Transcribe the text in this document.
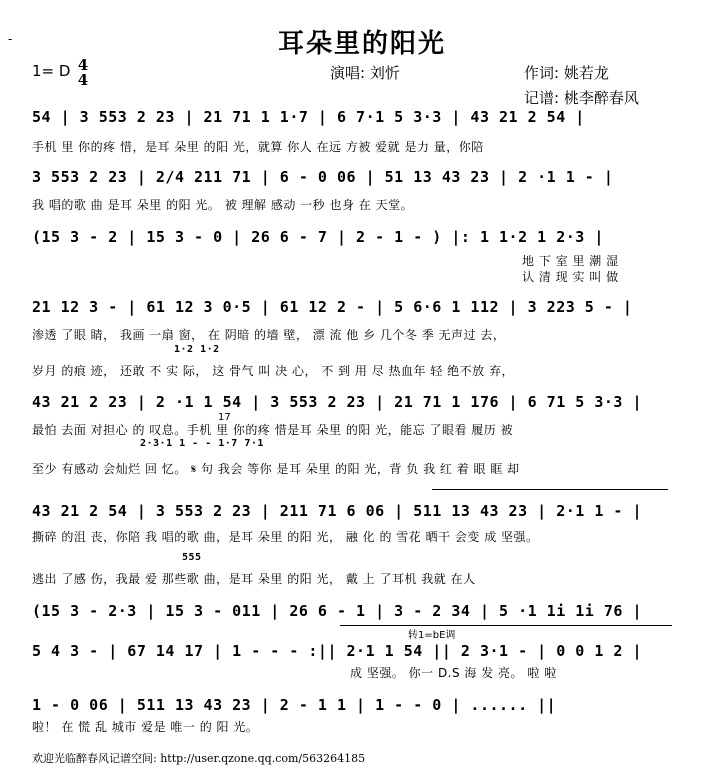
-	耳朵里的阳光
1= D 4
4	演唱: 刘忻	作词: 姚若龙
记谱: 桃李醉春风
54 | 3 553 2 23 | 21 71 1 1·7 | 6 7·1 5 3·3 | 43 21 2 54 |
手机 里 你的疼 惜，是耳 朵里 的阳 光，就算 你人 在远 方被 爱就 是力 量，你陪
3 553 2 23 | 2/4 211 71 | 6 - 0 06 | 51 13 43 23 | 2 ·1 1 - |
我 唱的歌 曲 是耳 朵里 的阳 光。 被 理解 感动 一秒 也身 在 天堂。
(15 3 - 2 | 15 3 - 0 | 26 6 - 7 | 2 - 1 - ) |: 1 1·2 1 2·3 |
地 下 室 里 潮 湿
认 清 现 实 叫 做
21 12 3 - | 61 12 3 0·5 | 61 12 2 - | 5 6·6 1 112 | 3 223 5 - |
渗透 了眼 睛， 我画 一扇 窗， 在 阴暗 的墙 壁， 漂 流 他 乡 几个冬 季 无声过 去，
1·2 1·2
岁月 的痕 迹， 还敢 不 实 际， 这 骨气 叫 决 心， 不 到 用 尽 热血年 轻 绝不放 弃，
43 21 2 23 | 2 ·1 1 54 | 3 553 2 23 | 21 71 1 176 | 6 71 5 3·3 |
最怕 去面 对担心 的 叹息。手机 里 你的疼 惜是耳 朵里 的阳 光，能忘 了眼看 履历 被
17
2·3·1 1 - - 1·7 7·1
至少 有感动 会灿烂 回 忆。 𝄋 句 我会 等你 是耳 朵里 的阳 光，背 负 我 红 着 眼 眶 却
43 21 2 54 | 3 553 2 23 | 211 71 6 06 | 511 13 43 23 | 2·1 1 - |
撕碎 的沮 丧，你陪 我 唱的歌 曲，是耳 朵里 的阳 光， 融 化 的 雪花 晒干 会变 成 坚强。
555
逃出 了感 伤，我最 爱 那些歌 曲，是耳 朵里 的阳 光， 戴 上 了耳机 我就 在人
(15 3 - 2·3 | 15 3 - 011 | 26 6 - 1 | 3 - 2 34 | 5 ·1 1i 1i 76 |
5 4 3 - | 67 14 17 | 1 - - - :|| 2·1 1 54 || 2 3·1 - | 0 0 1 2 |
转1=bE调
成 坚强。 你一 D.S 海 发 亮。 啦 啦
1 - 0 06 | 511 13 43 23 | 2 - 1 1 | 1 - - 0 | ...... ||
啦！ 在 慌 乱 城市 爱是 唯一 的 阳 光。
欢迎光临醉春风记谱空间: http://user.qzone.qq.com/563264185
